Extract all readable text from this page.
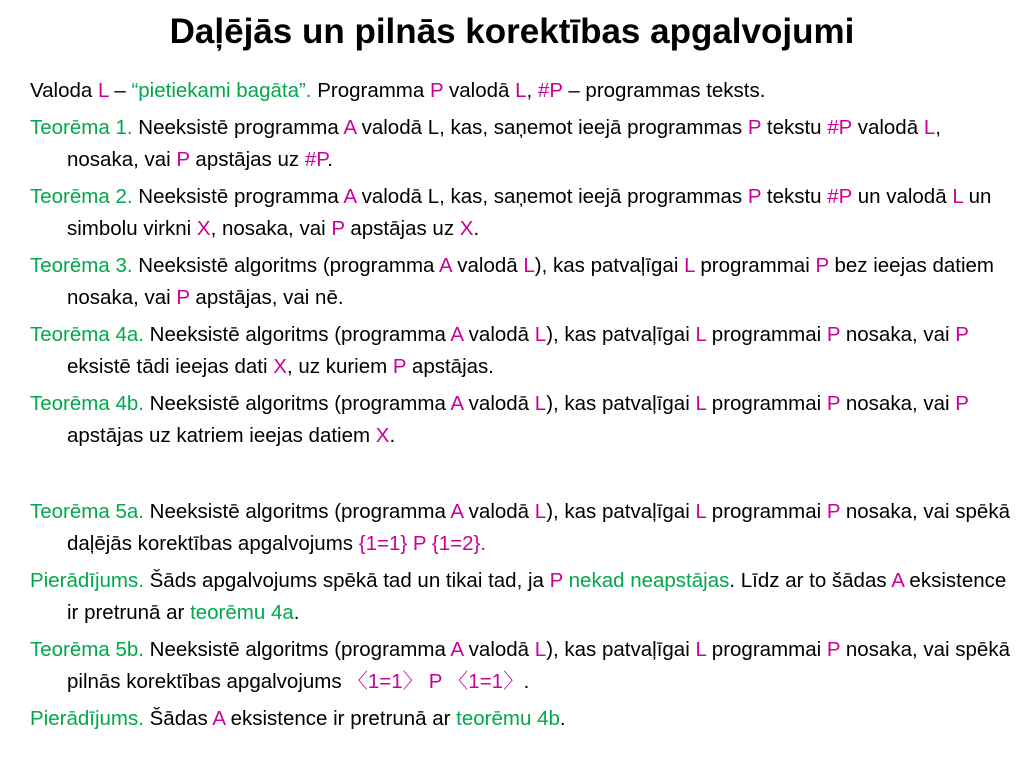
Daļējās un pilnās korektības apgalvojumi

Valoda L – “pietiekami bagāta”. Programma P valodā L, #P – programmas teksts.

Teorēma 1. Neeksistē programma A valodā L, kas, saņemot ieejā programmas P tekstu #P valodā L, nosaka, vai P apstājas uz #P.

Teorēma 2. Neeksistē programma A valodā L, kas, saņemot ieejā programmas P tekstu #P un valodā L un simbolu virkni X, nosaka, vai P apstājas uz X.

Teorēma 3. Neeksistē algoritms (programma A valodā L), kas patvaļīgai L programmai P bez ieejas datiem nosaka, vai P apstājas, vai nē.

Teorēma 4a. Neeksistē algoritms (programma A valodā L), kas patvaļīgai L programmai P nosaka, vai P eksistē tādi ieejas dati X, uz kuriem P apstājas.

Teorēma 4b. Neeksistē algoritms (programma A valodā L), kas patvaļīgai L programmai P nosaka, vai P apstājas uz katriem ieejas datiem X.

Teorēma 5a. Neeksistē algoritms (programma A valodā L), kas patvaļīgai L programmai P nosaka, vai spēkā daļējās korektības apgalvojums {1=1} P {1=2}.

Pierādījums. Šāds apgalvojums spēkā tad un tikai tad, ja P nekad neapstājas. Līdz ar to šādas A eksistence ir pretrunā ar teorēmu 4a.

Teorēma 5b. Neeksistē algoritms (programma A valodā L), kas patvaļīgai L programmai P nosaka, vai spēkā pilnās korektības apgalvojums 〈1=1〉 P 〈1=1〉.

Pierādījums. Šādas A eksistence ir pretrunā ar teorēmu 4b.
